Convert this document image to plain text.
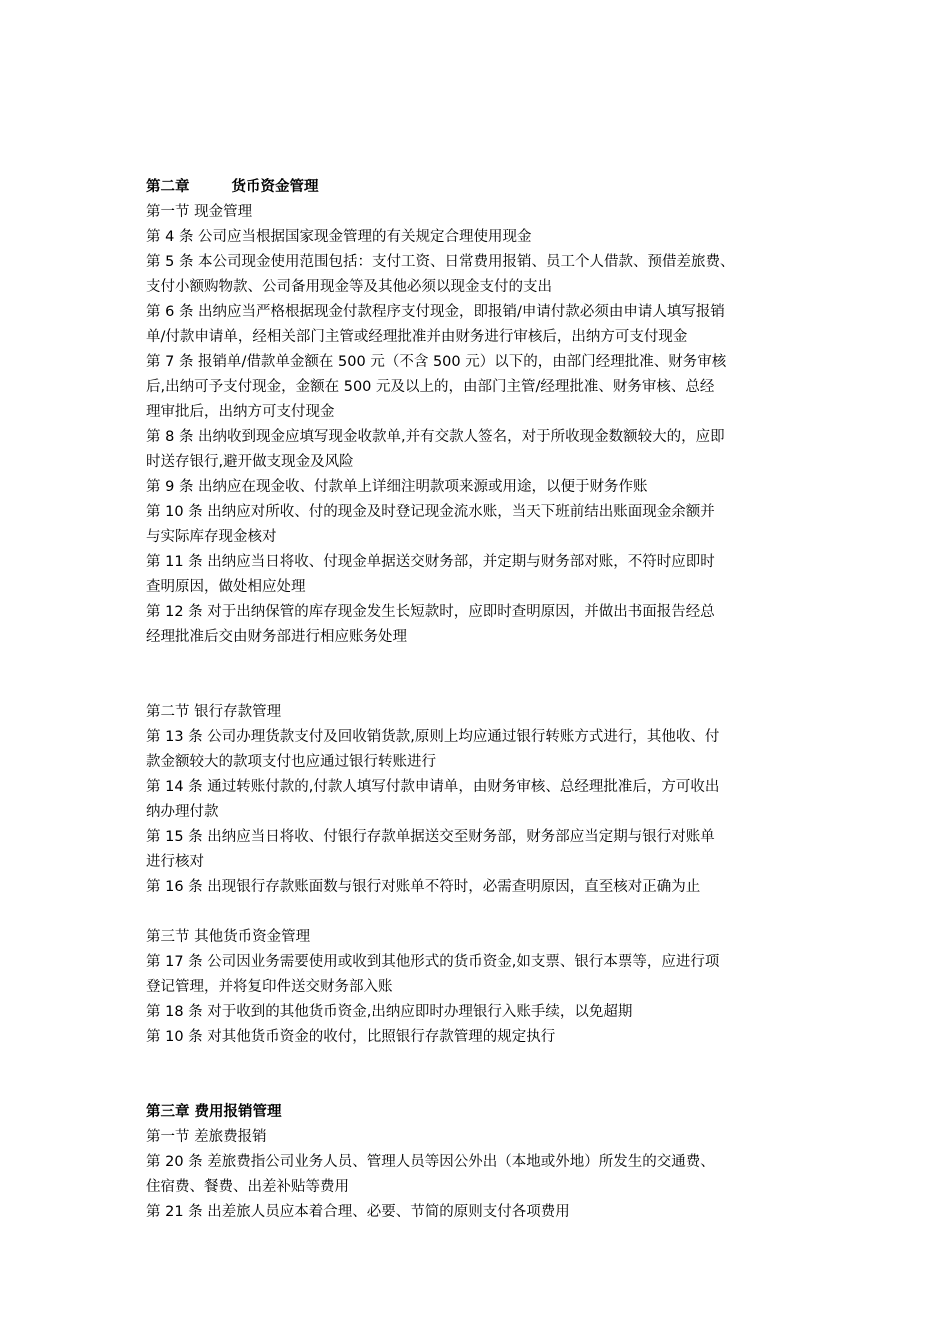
第二章	货币资金管理
第一节 现金管理
第 4 条 公司应当根据国家现金管理的有关规定合理使用现金
第 5 条 本公司现金使用范围包括：支付工资、日常费用报销、员工个人借款、预借差旅费、
支付小额购物款、公司备用现金等及其他必须以现金支付的支出
第 6 条 出纳应当严格根据现金付款程序支付现金，即报销/申请付款必须由申请人填写报销
单/付款申请单，经相关部门主管或经理批准并由财务进行审核后，出纳方可支付现金
第 7 条 报销单/借款单金额在 500 元（不含 500 元）以下的，由部门经理批准、财务审核
后,出纳可予支付现金，金额在 500 元及以上的，由部门主管/经理批准、财务审核、总经
理审批后，出纳方可支付现金
第 8 条 出纳收到现金应填写现金收款单,并有交款人签名，对于所收现金数额较大的，应即
时送存银行,避开做支现金及风险
第 9 条 出纳应在现金收、付款单上详细注明款项来源或用途，以便于财务作账
第 10 条 出纳应对所收、付的现金及时登记现金流水账，当天下班前结出账面现金余额并
与实际库存现金核对
第 11 条 出纳应当日将收、付现金单据送交财务部，并定期与财务部对账，不符时应即时
查明原因，做处相应处理
第 12 条 对于出纳保管的库存现金发生长短款时，应即时查明原因，并做出书面报告经总
经理批准后交由财务部进行相应账务处理
第二节 银行存款管理
第 13 条 公司办理货款支付及回收销货款,原则上均应通过银行转账方式进行，其他收、付
款金额较大的款项支付也应通过银行转账进行
第 14 条 通过转账付款的,付款人填写付款申请单，由财务审核、总经理批准后，方可收出
纳办理付款
第 15 条 出纳应当日将收、付银行存款单据送交至财务部，财务部应当定期与银行对账单
进行核对
第 16 条 出现银行存款账面数与银行对账单不符时，必需查明原因，直至核对正确为止
第三节 其他货币资金管理
第 17 条 公司因业务需要使用或收到其他形式的货币资金,如支票、银行本票等，应进行项
登记管理，并将复印件送交财务部入账
第 18 条 对于收到的其他货币资金,出纳应即时办理银行入账手续，以免超期
第 10 条 对其他货币资金的收付，比照银行存款管理的规定执行
第三章 费用报销管理
第一节 差旅费报销
第 20 条 差旅费指公司业务人员、管理人员等因公外出（本地或外地）所发生的交通费、
住宿费、餐费、出差补贴等费用
第 21 条 出差旅人员应本着合理、必要、节简的原则支付各项费用
